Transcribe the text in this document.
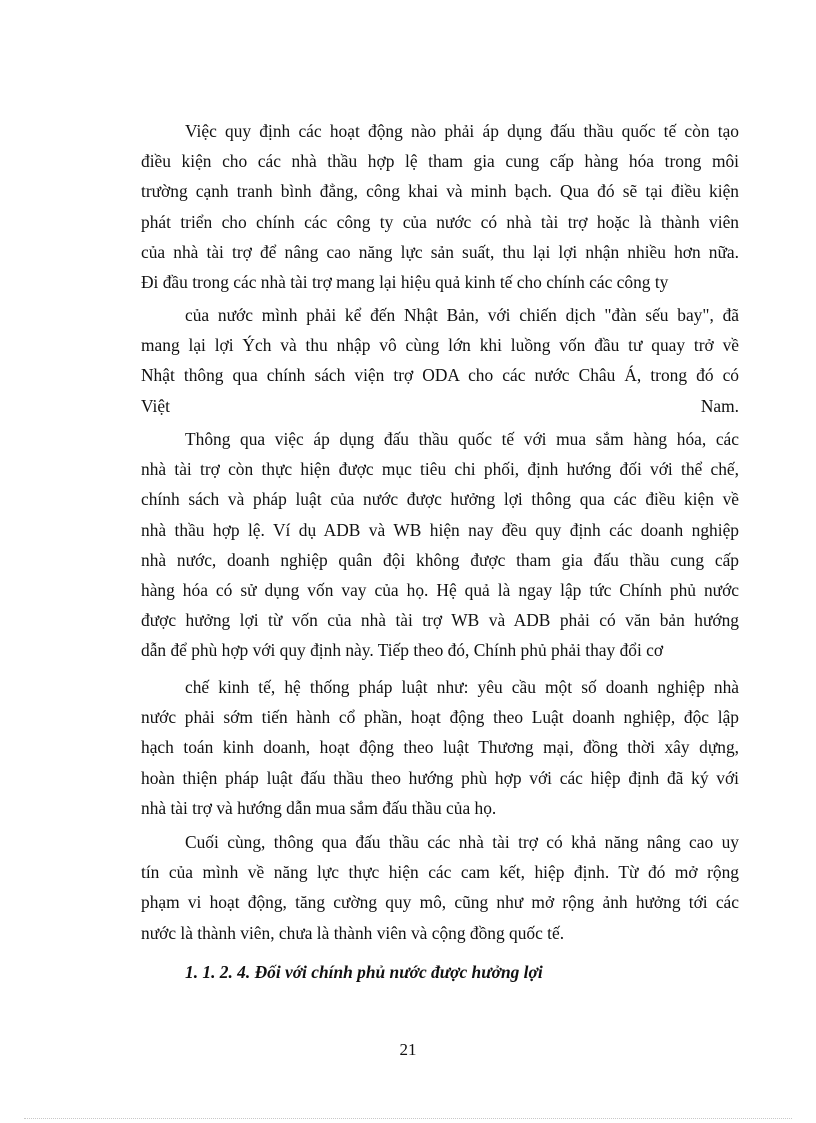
Việc quy định các hoạt động nào phải áp dụng đấu thầu quốc tế còn tạo
điều kiện cho các nhà thầu hợp lệ tham gia cung cấp hàng hóa trong môi
trường cạnh tranh bình đẳng, công khai và minh bạch. Qua đó sẽ tại điều kiện
phát triển cho chính các công ty của nước có nhà tài trợ hoặc là thành viên
của nhà tài trợ để nâng cao năng lực sản suất, thu lại lợi nhận nhiều hơn nữa.
Đi đầu trong các nhà tài trợ mang lại hiệu quả kinh tế cho chính các công ty
của nước mình phải kể đến Nhật Bản, với chiến dịch "đàn sếu bay", đã
mang lại lợi Ých và thu nhập vô cùng lớn khi luồng vốn đầu tư quay trở về
Nhật thông qua chính sách viện trợ ODA cho các nước Châu Á, trong đó có
Việt	Nam.
Thông qua việc áp dụng đấu thầu quốc tế với mua sắm hàng hóa, các
nhà tài trợ còn thực hiện được mục tiêu chi phối, định hướng đối với thể chế,
chính sách và pháp luật của nước được hưởng lợi thông qua các điều kiện về
nhà thầu hợp lệ. Ví dụ ADB và WB hiện nay đều quy định các doanh nghiệp
nhà nước, doanh nghiệp quân đội không được tham gia đấu thầu cung cấp
hàng hóa có sử dụng vốn vay của họ. Hệ quả là ngay lập tức Chính phủ nước
được hưởng lợi từ vốn của nhà tài trợ WB và ADB phải có văn bản hướng
dẫn để phù hợp với quy định này. Tiếp theo đó, Chính phủ phải thay đổi cơ
chế kinh tế, hệ thống pháp luật như: yêu cầu một số doanh nghiệp nhà
nước phải sớm tiến hành cổ phần, hoạt động theo Luật doanh nghiệp, độc lập
hạch toán kinh doanh, hoạt động theo luật Thương mại, đồng thời xây dựng,
hoàn thiện pháp luật đấu thầu theo hướng phù hợp với các hiệp định đã ký với
nhà tài trợ và hướng dẫn mua sắm đấu thầu của họ.
Cuối cùng, thông qua đấu thầu các nhà tài trợ có khả năng nâng cao uy
tín của mình về năng lực thực hiện các cam kết, hiệp định. Từ đó mở rộng
phạm vi hoạt động, tăng cường quy mô, cũng như mở rộng ảnh hưởng tới các
nước là thành viên, chưa là thành viên và cộng đồng quốc tế.
1. 1. 2. 4. Đối với chính phủ nước được hưởng lợi
21
